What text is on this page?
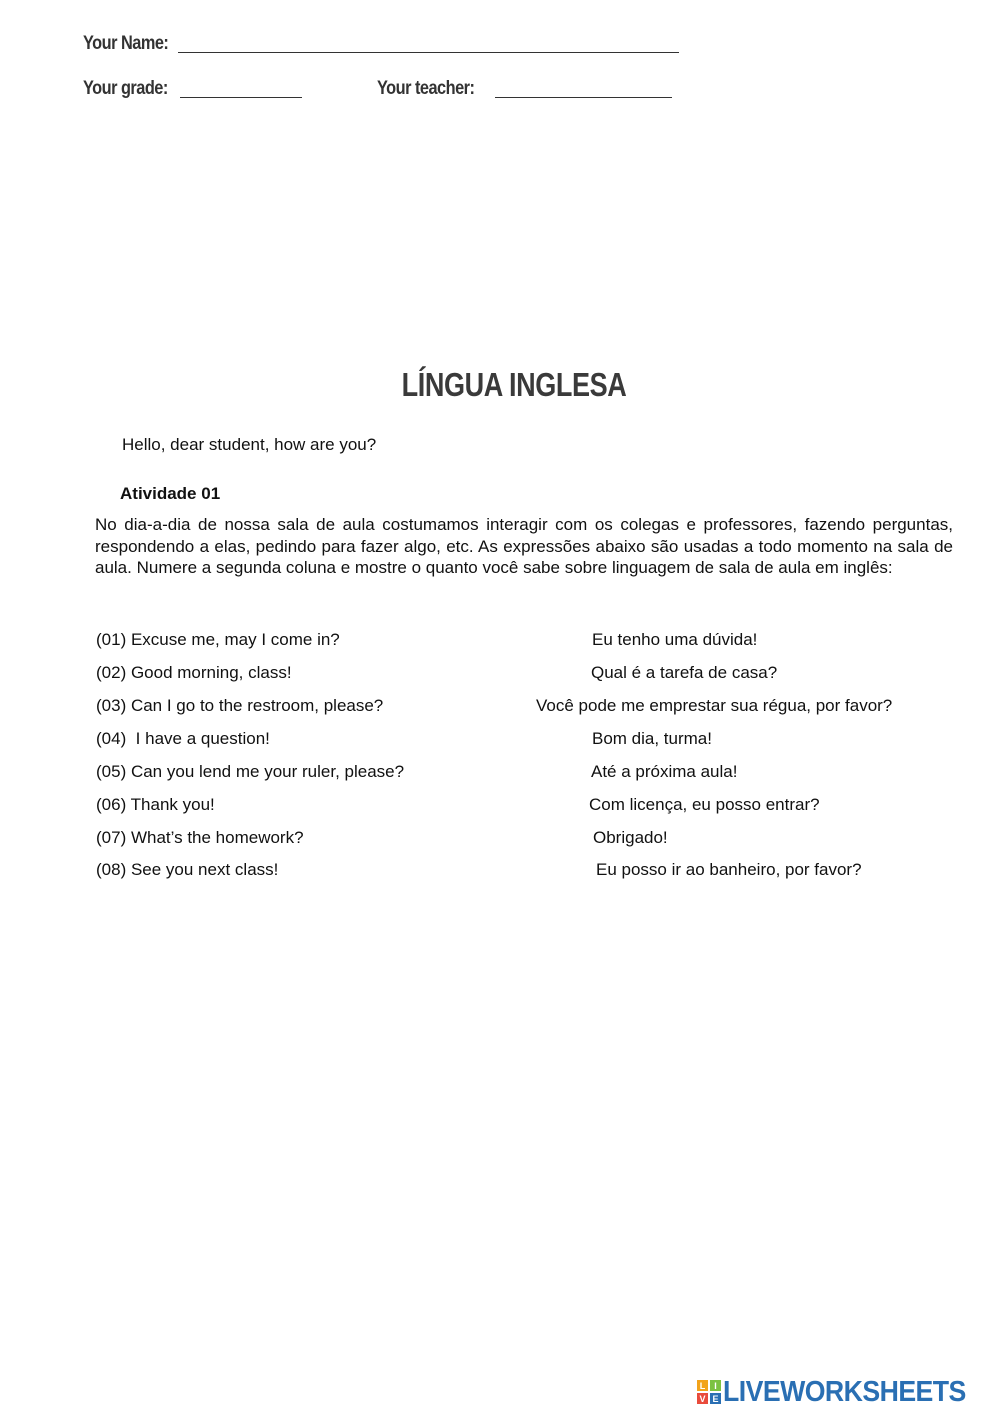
Your Name:
Your grade:	Your teacher:
LÍNGUA INGLESA
Hello, dear student, how are you?
Atividade 01

No dia-a-dia de nossa sala de aula costumamos interagir com os colegas e professores, fazendo perguntas, respondendo a elas, pedindo para fazer algo, etc. As expressões abaixo são usadas a todo momento na sala de aula. Numere a segunda coluna e mostre o quanto você sabe sobre linguagem de sala de aula em inglês:

(01) Excuse me, may I come in?
(02) Good morning, class!
(03) Can I go to the restroom, please?
(04)  I have a question!
(05) Can you lend me your ruler, please?
(06) Thank you!
(07) What’s the homework?
(08) See you next class!
Eu tenho uma dúvida!
Qual é a tarefa de casa?
Você pode me emprestar sua régua, por favor?
Bom dia, turma!
Até a próxima aula!
Com licença, eu posso entrar?
Obrigado!
Eu posso ir ao banheiro, por favor?
L I
V E LIVEWORKSHEETS
